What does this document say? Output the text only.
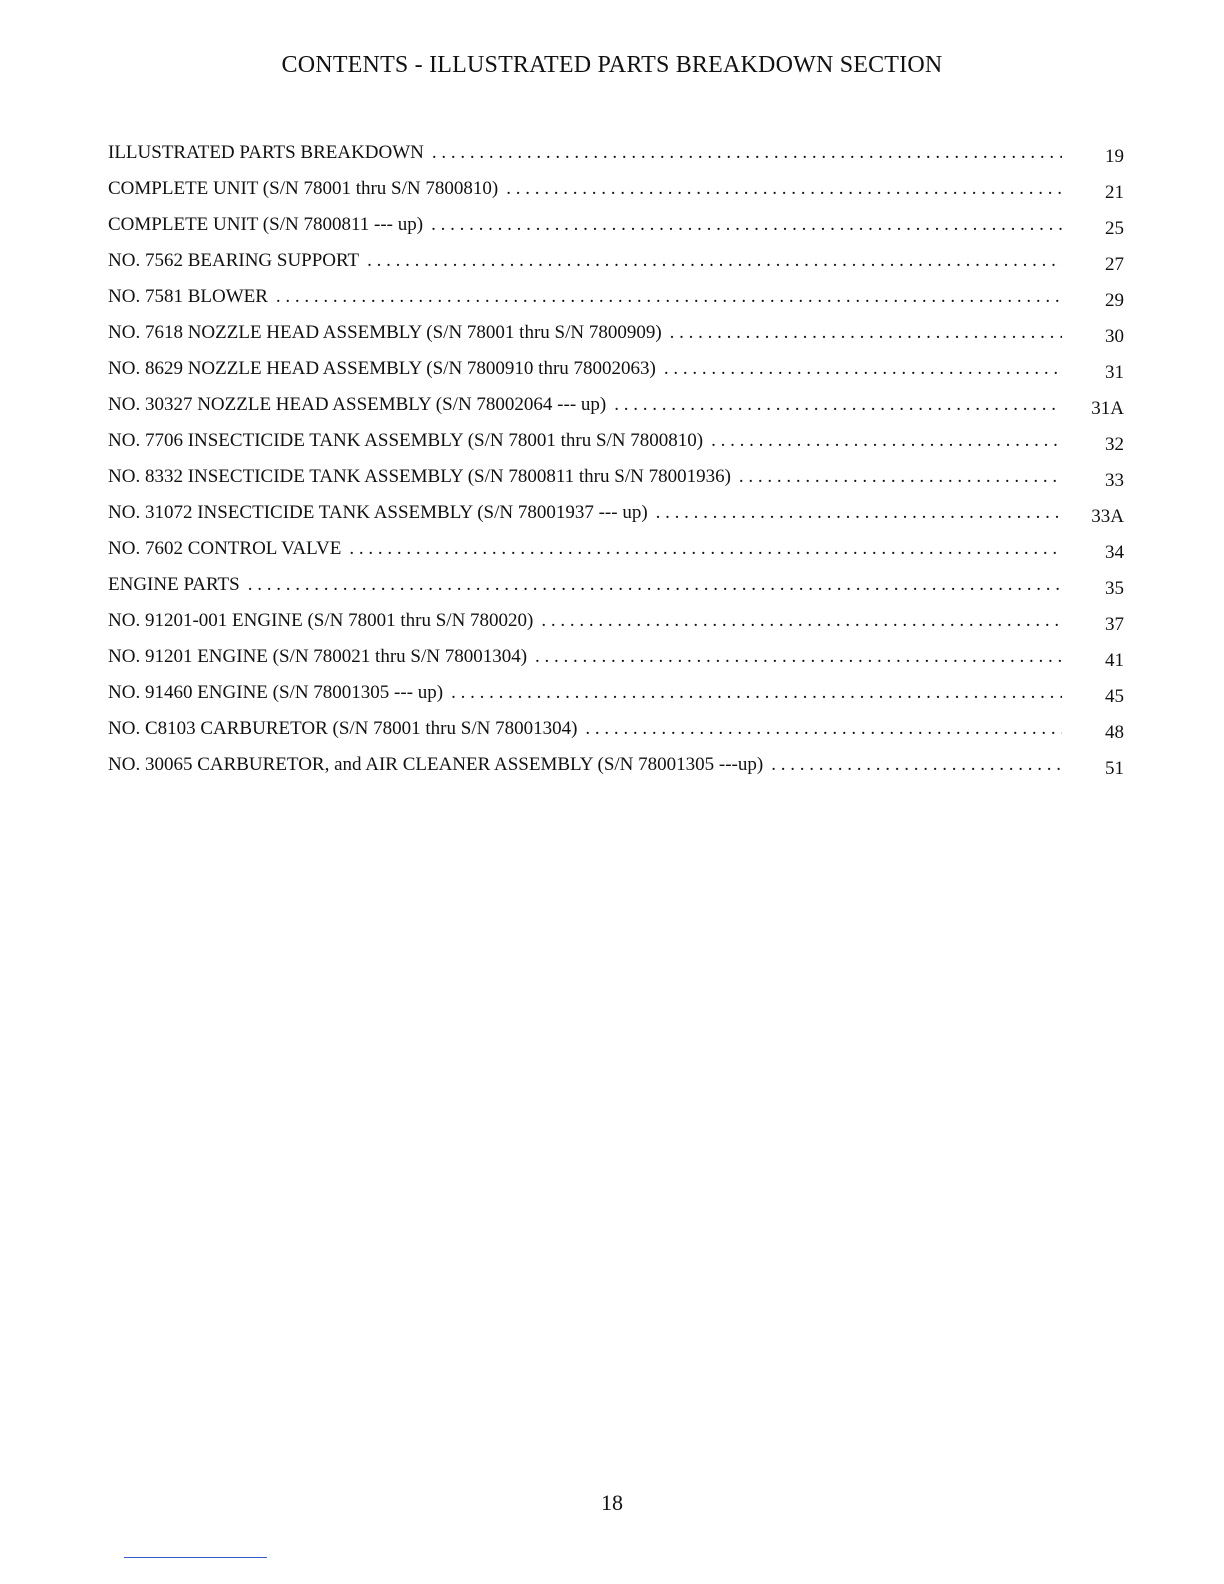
CONTENTS - ILLUSTRATED PARTS BREAKDOWN SECTION
ILLUSTRATED PARTS BREAKDOWN . . .	19
COMPLETE UNIT (S/N 78001 thru S/N 7800810) . . .	21
COMPLETE UNIT (S/N 7800811 --- up) . . .	25
NO. 7562 BEARING SUPPORT . . .	27
NO. 7581 BLOWER . . .	29
NO. 7618 NOZZLE HEAD ASSEMBLY (S/N 78001 thru S/N 7800909) . . .	30
NO. 8629 NOZZLE HEAD ASSEMBLY (S/N 7800910 thru 78002063) . . .	31
NO. 30327 NOZZLE HEAD ASSEMBLY (S/N 78002064 --- up) . . .	31A
NO. 7706 INSECTICIDE TANK ASSEMBLY (S/N 78001 thru S/N 7800810) . . .	32
NO. 8332 INSECTICIDE TANK ASSEMBLY (S/N 7800811 thru S/N 78001936) . . .	33
NO. 31072 INSECTICIDE TANK ASSEMBLY (S/N 78001937 --- up) . . .	33A
NO. 7602 CONTROL VALVE . . .	34
ENGINE PARTS . . .	35
NO. 91201-001 ENGINE (S/N 78001 thru S/N 780020) . . .	37
NO. 91201 ENGINE (S/N 780021 thru S/N 78001304) . . .	41
NO. 91460 ENGINE (S/N 78001305 --- up) . . .	45
NO. C8103 CARBURETOR (S/N 78001 thru S/N 78001304) . . .	48
NO. 30065 CARBURETOR, and AIR CLEANER ASSEMBLY (S/N 78001305 ---up) . . .	51
18
